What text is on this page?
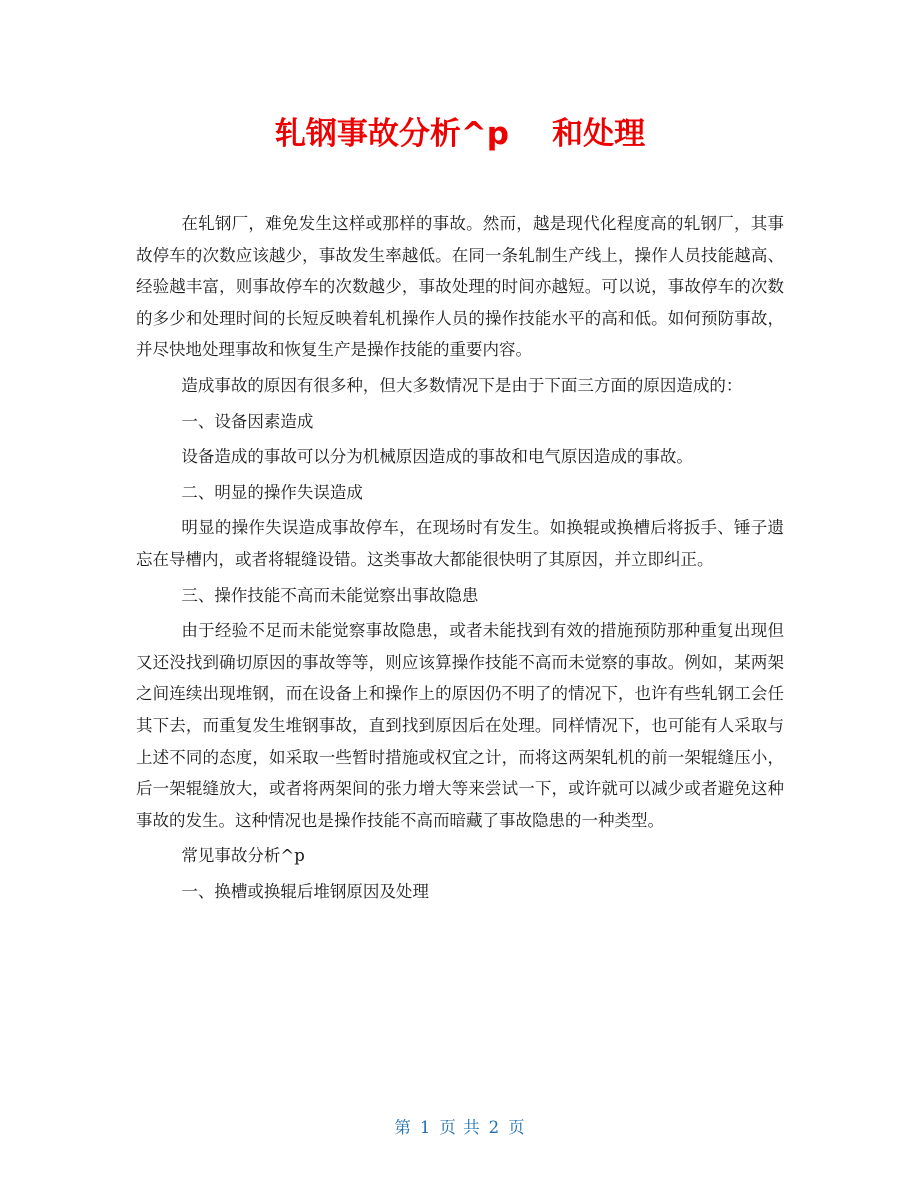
轧钢事故分析^p    和处理

在轧钢厂，难免发生这样或那样的事故。然而，越是现代化程度高的轧钢厂，其事故停车的次数应该越少，事故发生率越低。在同一条轧制生产线上，操作人员技能越高、经验越丰富，则事故停车的次数越少，事故处理的时间亦越短。可以说，事故停车的次数的多少和处理时间的长短反映着轧机操作人员的操作技能水平的高和低。如何预防事故，并尽快地处理事故和恢复生产是操作技能的重要内容。

造成事故的原因有很多种，但大多数情况下是由于下面三方面的原因造成的：

一、设备因素造成

设备造成的事故可以分为机械原因造成的事故和电气原因造成的事故。

二、明显的操作失误造成

明显的操作失误造成事故停车，在现场时有发生。如换辊或换槽后将扳手、锤子遗忘在导槽内，或者将辊缝设错。这类事故大都能很快明了其原因，并立即纠正。

三、操作技能不高而未能觉察出事故隐患

由于经验不足而未能觉察事故隐患，或者未能找到有效的措施预防那种重复出现但又还没找到确切原因的事故等等，则应该算操作技能不高而未觉察的事故。例如，某两架之间连续出现堆钢，而在设备上和操作上的原因仍不明了的情况下，也许有些轧钢工会任其下去，而重复发生堆钢事故，直到找到原因后在处理。同样情况下，也可能有人采取与上述不同的态度，如采取一些暂时措施或权宜之计，而将这两架轧机的前一架辊缝压小，后一架辊缝放大，或者将两架间的张力增大等来尝试一下，或许就可以减少或者避免这种事故的发生。这种情况也是操作技能不高而暗藏了事故隐患的一种类型。

常见事故分析^p

一、换槽或换辊后堆钢原因及处理

第 1 页 共 2 页
